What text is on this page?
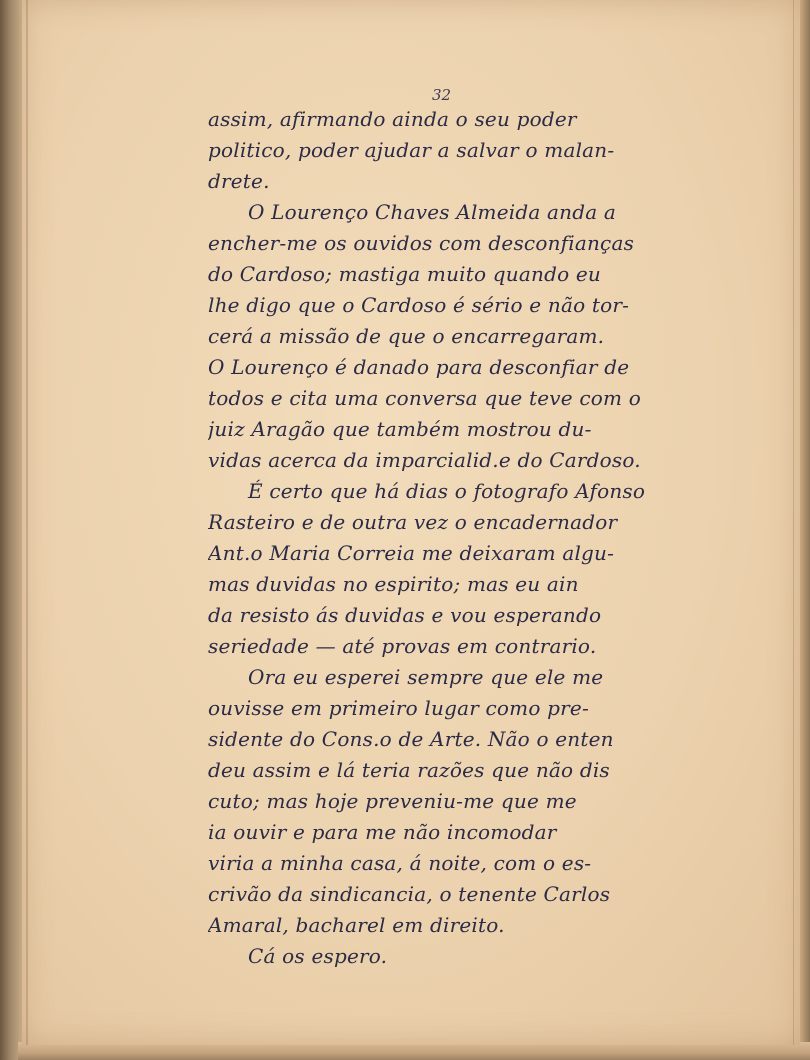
32
assim, afirmando ainda o seu poder
politico, poder ajudar a salvar o malan-
drete.
O Lourenço Chaves Almeida anda a
encher-me os ouvidos com desconfianças
do Cardoso; mastiga muito quando eu
lhe digo que o Cardoso é sério e não tor-
cerá a missão de que o encarregaram.
O Lourenço é danado para desconfiar de
todos e cita uma conversa que teve com o
juiz Aragão que também mostrou du-
vidas acerca da imparcialid.e do Cardoso.
É certo que há dias o fotografo Afonso
Rasteiro e de outra vez o encadernador
Ant.o Maria Correia me deixaram algu-
mas duvidas no espirito; mas eu ain
da resisto ás duvidas e vou esperando
seriedade — até provas em contrario.
Ora eu esperei sempre que ele me
ouvisse em primeiro lugar como pre-
sidente do Cons.o de Arte. Não o enten
deu assim e lá teria razões que não dis
cuto; mas hoje preveniu-me que me
ia ouvir e para me não incomodar
viria a minha casa, á noite, com o es-
crivão da sindicancia, o tenente Carlos
Amaral, bacharel em direito.
Cá os espero.
